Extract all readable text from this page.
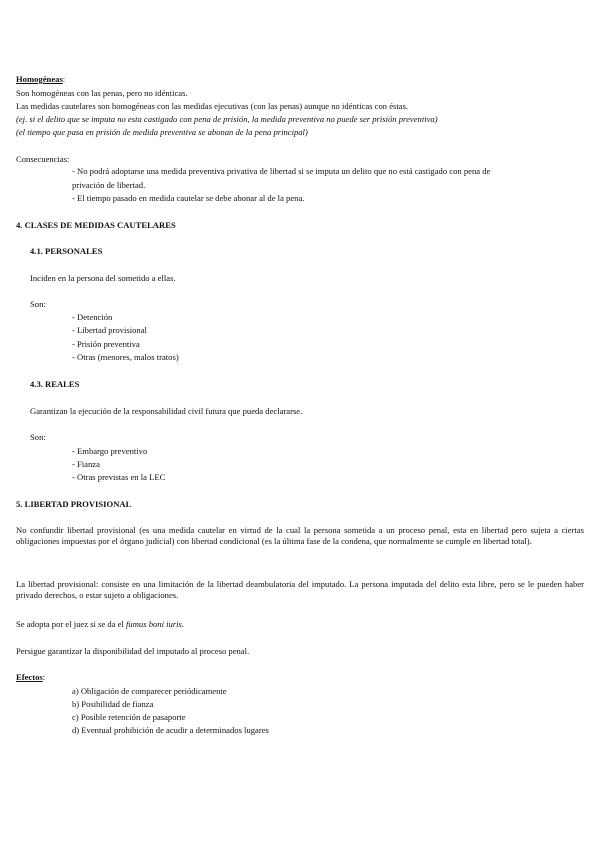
Homogéneas:
Son homogéneas con las penas, pero no idénticas.
Las medidas cautelares son homogéneas con las medidas ejecutivas (con las penas) aunque no idénticas con éstas.
(ej. si el delito que se imputa no esta castigado con pena de prisión, la medida preventiva no puede ser prisión preventiva)
(el tiempo que pasa en prisión de medida preventiva se abonan de la pena principal)
Consecuencias:
- No podrá adoptarse una medida preventiva privativa de libertad si se imputa un delito que no está castigado con pena de
privación de libertad.
- El tiempo pasado en medida cautelar se debe abonar al de la pena.
4. CLASES DE MEDIDAS CAUTELARES
4.1. PERSONALES
Inciden en la persona del sometido a ellas.
Son:
- Detención
- Libertad provisional
- Prisión preventiva
- Otras (menores, malos tratos)
4.3. REALES
Garantizan la ejecución de la responsabilidad civil futura que pueda declararse.
Son:
- Embargo preventivo
- Fianza
- Otras previstas en la LEC
5. LIBERTAD PROVISIONAL
No confundir libertad provisional (es una medida cautelar en virtud de la cual la persona sometida a un proceso penal, esta en libertad pero sujeta a ciertas obligaciones impuestas por el órgano judicial) con libertad condicional (es la última fase de la condena, que normalmente se cumple en libertad total).
La libertad provisional: consiste en una limitación de la libertad deambulatoria del imputado. La persona imputada del delito esta libre, pero se le pueden haber privado derechos, o estar sujeto a obligaciones.
Se adopta por el juez si se da el fumus boni iuris.
Persigue garantizar la disponibilidad del imputado al proceso penal.
Efectos:
a) Obligación de comparecer periódicamente
b) Posibilidad de fianza
c) Posible retención de pasaporte
d) Eventual prohibición de acudir a determinados lugares
